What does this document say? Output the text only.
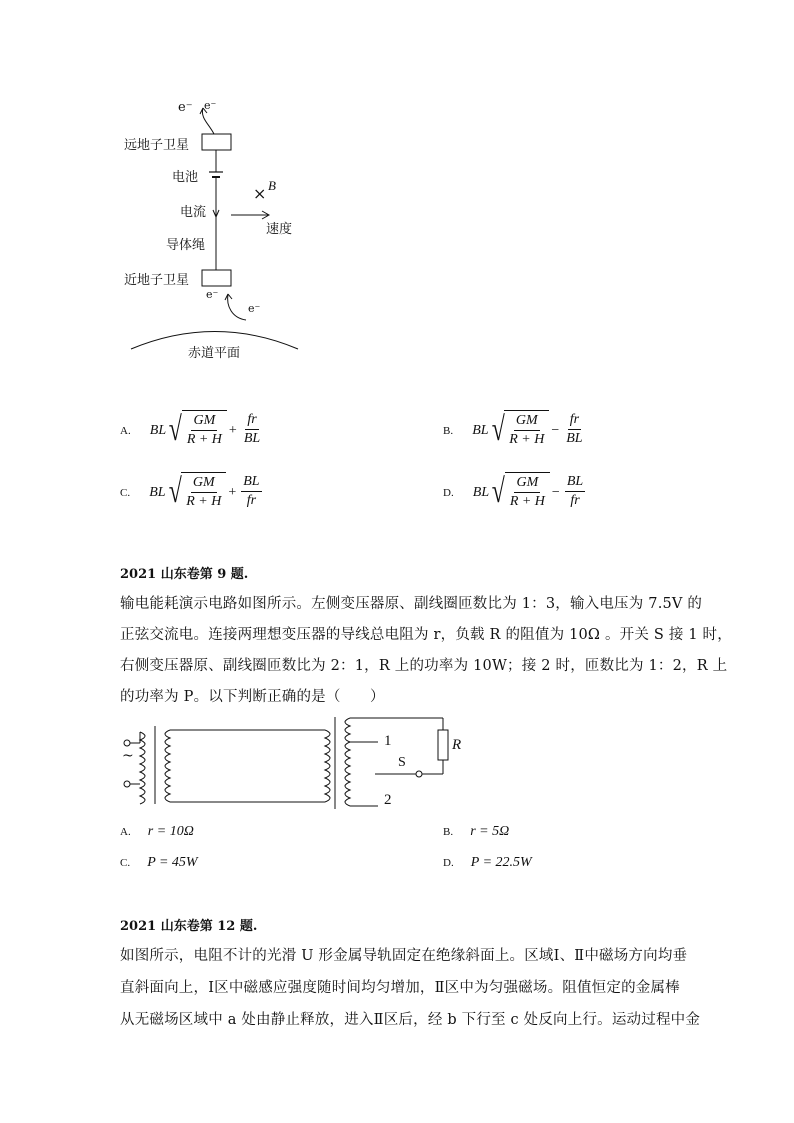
e⁻ e⁻
远地子卫星
电池
× B
电流
速度
导体绳
近地子卫星
e⁻
e⁻
赤道平面
A. BL √ $\frac{GM}{R + H} + \frac{fr}{BL}$	B. BL √ $\frac{GM}{R + H} - \frac{fr}{BL}$
C. BL √ $\frac{GM}{R + H} + \frac{BL}{fr}$	D. BL √ $\frac{GM}{R + H} - \frac{BL}{fr}$
2021 山东卷第 9 题.
输电能耗演示电路如图所示。左侧变压器原、副线圈匝数比为 1：3，输入电压为 7.5V 的
正弦交流电。连接两理想变压器的导线总电阻为 r，负载 R 的阻值为 10Ω 。开关 S 接 1 时，
右侧变压器原、副线圈匝数比为 2：1，R 上的功率为 10W；接 2 时，匝数比为 1：2，R 上
的功率为 P。以下判断正确的是（　　）
~
1
2
S
R
A. r = 10Ω	B. r = 5Ω
C. P = 45W	D. P = 22.5W
2021 山东卷第 12 题.
如图所示，电阻不计的光滑 U 形金属导轨固定在绝缘斜面上。区域Ⅰ、Ⅱ中磁场方向均垂
直斜面向上，Ⅰ区中磁感应强度随时间均匀增加，Ⅱ区中为匀强磁场。阻值恒定的金属棒
从无磁场区域中 a 处由静止释放，进入Ⅱ区后，经 b 下行至 c 处反向上行。运动过程中金
